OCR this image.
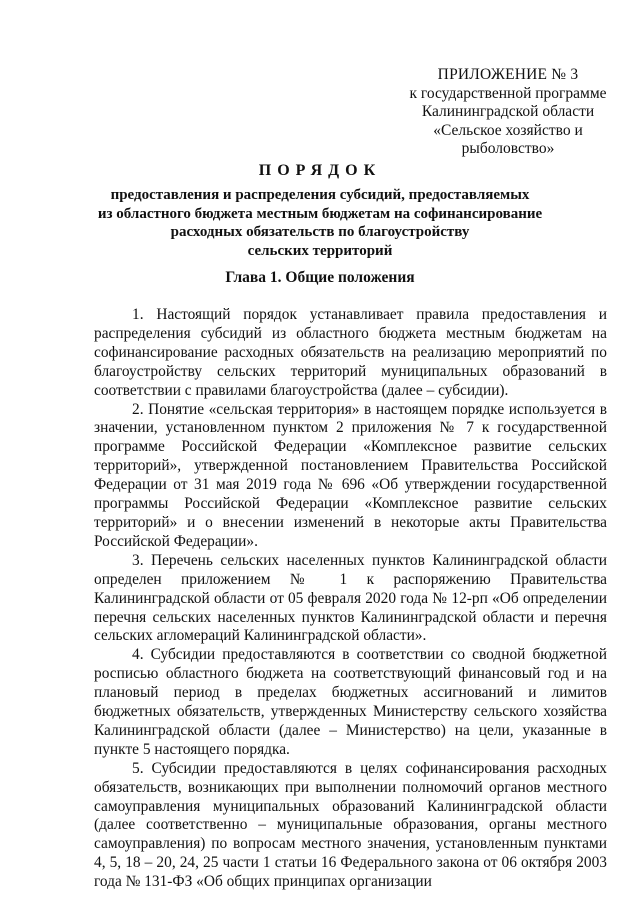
ПРИЛОЖЕНИЕ № 3
к государственной программе
Калининградской области
«Сельское хозяйство и
рыболовство»
ПОРЯДОК
предоставления и распределения субсидий, предоставляемых
из областного бюджета местным бюджетам на софинансирование
расходных обязательств по благоустройству
сельских территорий
Глава 1. Общие положения

1. Настоящий порядок устанавливает правила предоставления и распределения субсидий из областного бюджета местным бюджетам на софинансирование расходных обязательств на реализацию мероприятий по благоустройству сельских территорий муниципальных образований в соответствии с правилами благоустройства (далее – субсидии).

2. Понятие «сельская территория» в настоящем порядке используется в значении, установленном пунктом 2 приложения № 7 к государственной программе Российской Федерации «Комплексное развитие сельских территорий», утвержденной постановлением Правительства Российской Федерации от 31 мая 2019 года № 696 «Об утверждении государственной программы Российской Федерации «Комплексное развитие сельских территорий» и о внесении изменений в некоторые акты Правительства Российской Федерации».

3. Перечень сельских населенных пунктов Калининградской области определен приложением № 1 к распоряжению Правительства Калининградской области от 05 февраля 2020 года № 12-рп «Об определении перечня сельских населенных пунктов Калининградской области и перечня сельских агломераций Калининградской области».

4. Субсидии предоставляются в соответствии со сводной бюджетной росписью областного бюджета на соответствующий финансовый год и на плановый период в пределах бюджетных ассигнований и лимитов бюджетных обязательств, утвержденных Министерству сельского хозяйства Калининградской области (далее – Министерство) на цели, указанные в пункте 5 настоящего порядка.

5. Субсидии предоставляются в целях софинансирования расходных обязательств, возникающих при выполнении полномочий органов местного самоуправления муниципальных образований Калининградской области (далее соответственно – муниципальные образования, органы местного самоуправления) по вопросам местного значения, установленным пунктами 4, 5, 18 – 20, 24, 25 части 1 статьи 16 Федерального закона от 06 октября 2003 года № 131-ФЗ «Об общих принципах организации
